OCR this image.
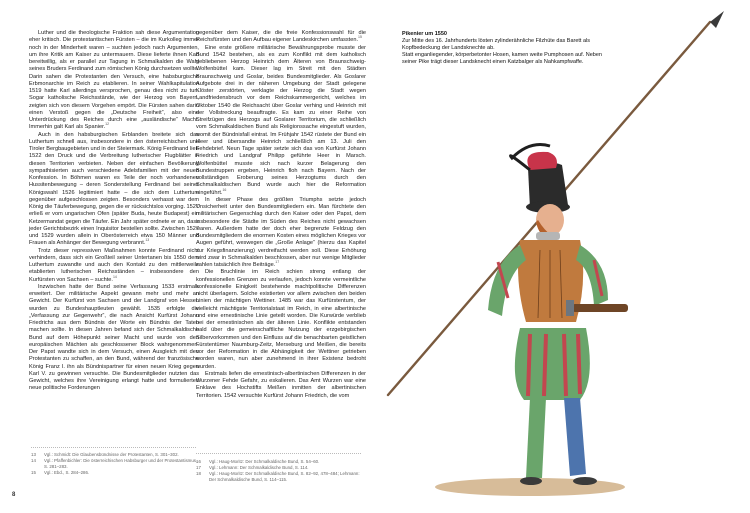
Luther und die theologische Fraktion sah diese Argumentation eher kritisch. Die protestantischen Fürsten – die im Kurkolleg immer noch in der Minderheit waren – suchten jedoch nach Argumenten, um ihre Kritik am Kaiser zu untermauern. Diese lieferte ihnen Karl bereitwillig, als er parallel zur Tagung in Schmalkalden die Wahl seines Bruders Ferdinand zum römischen König durchsetzen wollte. Darin sahen die Protestanten den Versuch, eine habsburgische Erbmonarchie im Reich zu etablieren. In seiner Wahlkapitulation 1519 hatte Karl allerdings versprochen, genau dies nicht zu tun. Sogar katholische Reichsstände, wie der Herzog von Bayern, zeigten sich von diesem Vorgehen empört. Die Fürsten sahen darin einen Verstoß gegen die „Deutsche Freiheit“, also eine Unterdrückung des Reiches durch eine „ausländische“ Macht. Immerhin galt Karl als Spanier.$^{12}$

Auch in den habsburgischen Erblanden breitete sich das Luthertum schnell aus, insbesondere in den österreichischen und Tiroler Bergbaugebieten und in der Steiermark. König Ferdinand ließ 1522 den Druck und die Verbreitung lutherischer Flugblätter in diesen Territorien verbieten. Neben der einfachen Bevölkerung sympathisierten auch verschiedene Adelsfamilien mit der neuen Konfession. In Böhmen waren es Teile der noch vorhandenen Hussitenbewegung – deren Sonderstellung Ferdinand bei seiner Königswahl 1526 legitimiert hatte – die sich dem Luthertum gegenüber aufgeschlossen zeigten. Besonders verhasst war dem König die Täuferbewegung, gegen die er rücksichtslos vorging. 1527 erließ er vom ungarischen Ofen (später Buda, heute Budapest) ein Ketzermandat gegen die Täufer. Ein Jahr später ordnete er an, dass jeder Gerichtsbezirk einen Inquisitor bestellen sollte. Zwischen 1527 und 1529 wurden allein in Oberösterreich etwa 150 Männer und Frauen als Anhänger der Bewegung verbrannt.$^{13}$

Trotz dieser repressiven Maßnahmen konnte Ferdinand nicht verhindern, dass sich ein Großteil seiner Untertanen bis 1550 dem Luthertum zuwandte und auch den Kontakt zu den mittlerweile etablierten lutherischen Reichsständen – insbesondere den Kurfürsten von Sachsen – suchte.$^{14}$

Inzwischen hatte der Bund seine Verfassung 1533 erstmals erweitert. Der militärische Aspekt gewann mehr und mehr an Gewicht. Der Kurfürst von Sachsen und der Landgraf von Hessen wurden zu Bundeshauptleuten gewählt. 1535 erfolgte die „Verfassung zur Gegenwehr“, die nach Ansicht Kurfürst Johann Friedrichs aus dem Bündnis der Worte ein Bündnis der Taten machen sollte. In diesen Jahren befand sich der Schmalkaldische Bund auf dem Höhepunkt seiner Macht und wurde von den europäischen Mächten als geschlossener Block wahrgenommen. Der Papst wandte sich in dem Versuch, einen Ausgleich mit den Protestanten zu schaffen, an den Bund, während der französische König Franz I. ihn als Bündnispartner für einen neuen Krieg gegen Karl V. zu gewinnen versuchte. Die Bundesmitglieder nutzten das Gewicht, welches ihre Vereinigung erlangt hatte und formulierten neue politische Forderungen

gegenüber dem Kaiser, die die freie Konfessionswahl für die Reichsfürsten und den Aufbau eigener Landeskirchen umfassten.$^{15}$

Eine erste größere militärische Bewährungsprobe musste der Bund 1542 bestehen, als es zum Konflikt mit dem katholisch gebliebenen Herzog Heinrich dem Älteren von Braunschweig-Wolfenbüttel kam. Dieser lag im Streit mit den Städten Braunschweig und Goslar, beides Bundesmitglieder. Als Goslarer Aufgebote drei in der näheren Umgebung der Stadt gelegene Klöster zerstörten, verklagte der Herzog die Stadt wegen Landfriedensbruch vor dem Reichskammergericht, welches im Oktober 1540 die Reichsacht über Goslar verhing und Heinrich mit der Vollstreckung beauftragte. Es kam zu einer Reihe von Streifzügen des Herzogs auf Goslarer Territorium, die schließlich vom Schmalkaldischen Bund als Religionssache eingestuft wurden, womit der Bündnisfall eintrat. Im Frühjahr 1542 rüstete der Bund ein Heer und übersandte Heinrich schließlich am 13. Juli den Fehdebrief. Neun Tage später setzte sich das von Kurfürst Johann Friedrich und Landgraf Philipp geführte Heer in Marsch. Wolfenbüttel musste sich nach kurzer Belagerung den Bundestruppen ergeben, Heinrich floh nach Bayern. Nach der vollständigen Eroberung seines Herzogtums durch den Schmalkaldischen Bund wurde auch hier die Reformation eingeführt.$^{16}$

In dieser Phase des größten Triumphs setzte jedoch Unsicherheit unter den Bundesmitgliedern ein. Man fürchtete den militärischen Gegenschlag durch den Kaiser oder den Papst, dem insbesondere die Städte im Süden des Reiches nicht gewachsen waren. Außerdem hatte der doch eher begrenzte Feldzug den Bundesmitgliedern die enormen Kosten eines möglichen Krieges vor Augen geführt, weswegen die „Große Anlage“ (hierzu das Kapitel zur Kriegsfinanzierung) verdreifacht werden soll. Diese Erhöhung wird zwar in Schmalkalden beschlossen, aber nur wenige Mitglieder zahlen tatsächlich ihre Beiträge.$^{17}$

Die Bruchlinie im Reich schien streng entlang der konfessionellen Grenzen zu verlaufen, jedoch konnte vermeintliche konfessionelle Einigkeit bestehende machtpolitische Differenzen nicht überlagern. Solche existierten vor allem zwischen den beiden Linien der mächtigen Wettiner. 1485 war das Kurfürstentum, der vielleicht mächtigste Territorialstaat im Reich, in eine albertinische und eine ernestinische Linie geteilt worden. Die Kurwürde verblieb bei der ernestinischen als der älteren Linie. Konflikte entstanden bald über die gemeinschaftliche Nutzung der erzgebirgischen Silbervorkommen und den Einfluss auf die benachbarten geistlichen Fürstentümer Naumburg-Zeitz, Merseburg und Meißen, die bereits vor der Reformation in die Abhängigkeit der Wettiner getrieben worden waren, nun aber zunehmend in ihrer Existenz bedroht wurden.

Erstmals liefen die ernestinisch-albertinischen Differenzen in der Wurzener Fehde Gefahr, zu eskalieren. Das Amt Wurzen war eine Enklave des Hochstifts Meißen inmitten der albertinischen Territorien. 1542 versuchte Kurfürst Johann Friedrich, die vom

13	Vgl.: Schmidt: Die Glaubensbündnisse der Protestanten, S. 301–302.
14	Vgl.: Pfaffenbichler: Die österreichischen Habsburger und der Protestantismus, S. 281–283.
15	Vgl.: Ebd., S. 284–286.
16	Vgl.: Haug-Moritz: Der Schmalkaldische Bund, S. 54–60.
17	Vgl.: Lehmann: Der Schmalkaldische Bund, S. 114.
18	Vgl.: Haug-Moritz: Der Schmalkaldische Bund, S. 82–92, 478–484; Lehmann: Der Schmalkaldische Bund, S. 114–115.
8
Pikenier um 1550
Zur Mitte des 16. Jahrhunderts lösten zylinderähnliche Filzhüte das Barett als Kopfbedeckung der Landsknechte ab.
Statt enganliegender, körperbetonter Hosen, kamen weite Pumphosen auf. Neben seiner Pike trägt dieser Landsknecht einen Katzbalger als Nahkampfwaffe.
